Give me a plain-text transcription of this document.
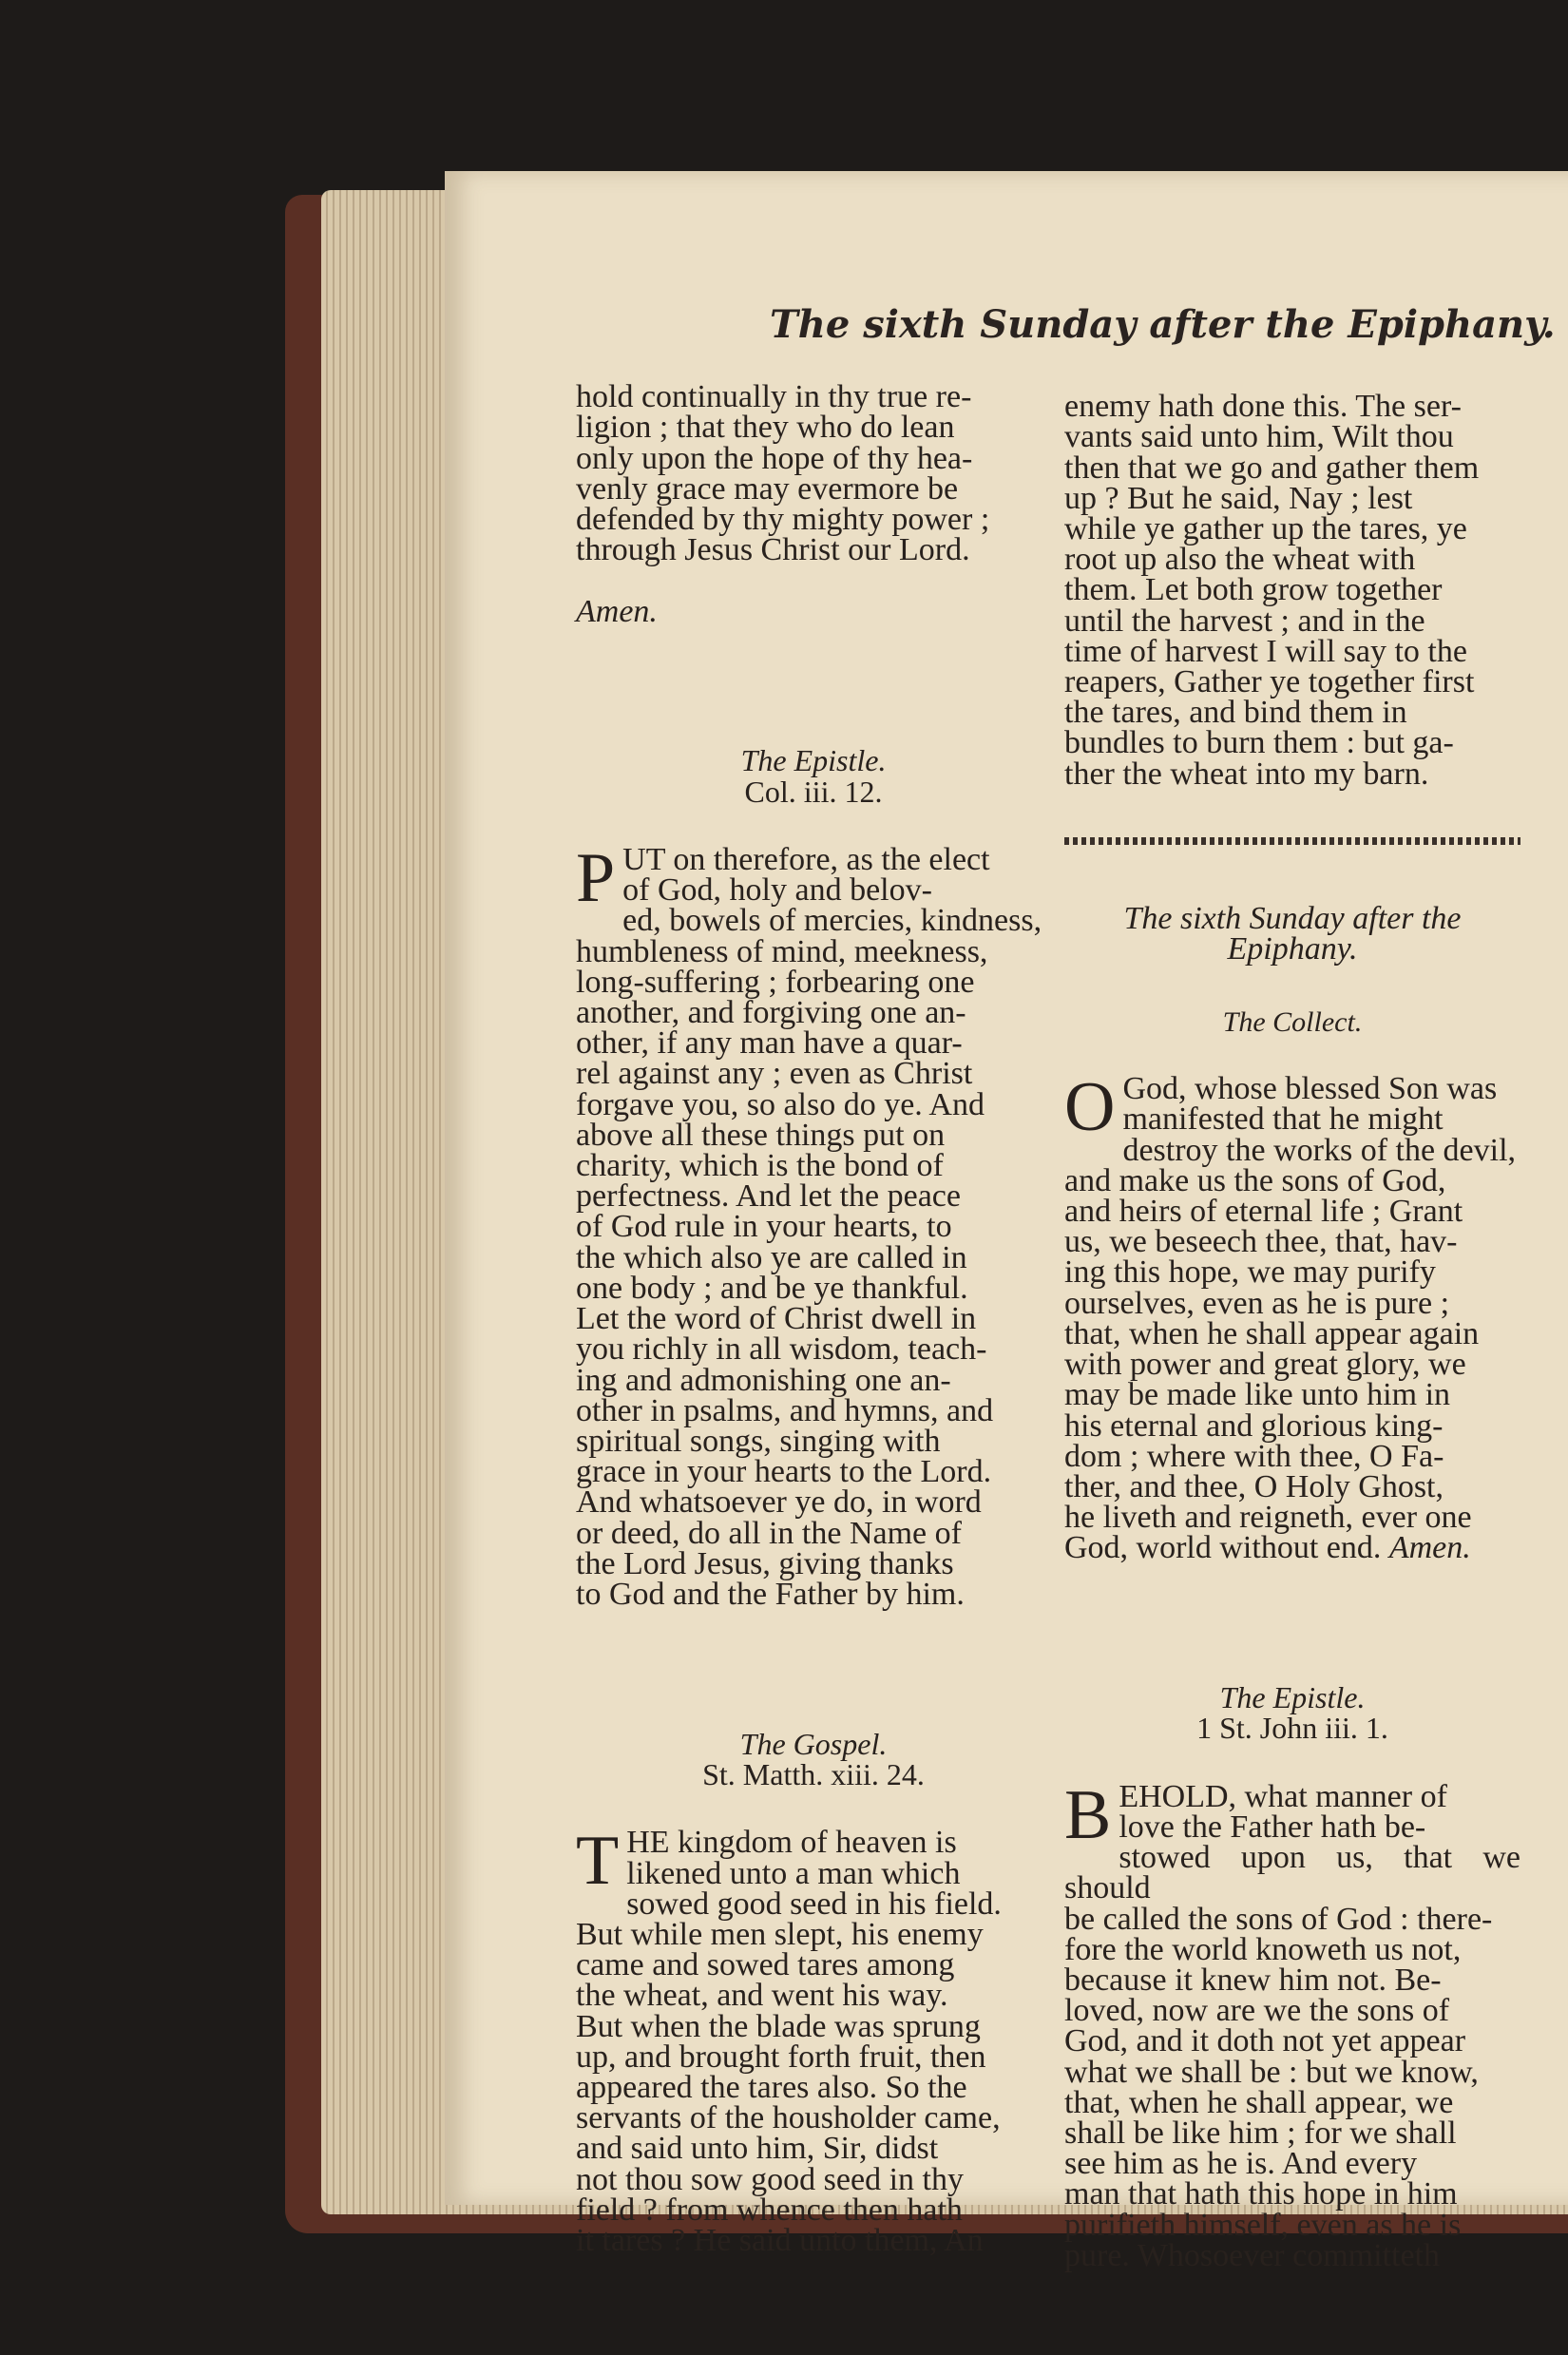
The sixth Sunday after the Epiphany.

hold continually in thy true re-
ligion ; that they who do lean
only upon the hope of thy hea-
venly grace may evermore be
defended by thy mighty power ;
through Jesus Christ our Lord.

Amen.

The Epistle.
Col. iii. 12.

PUT on therefore, as the elect
of God, holy and belov-
ed, bowels of mercies, kindness,
humbleness of mind, meekness,
long-suffering ; forbearing one
another, and forgiving one an-
other, if any man have a quar-
rel against any ; even as Christ
forgave you, so also do ye. And
above all these things put on
charity, which is the bond of
perfectness. And let the peace
of God rule in your hearts, to
the which also ye are called in
one body ; and be ye thankful.
Let the word of Christ dwell in
you richly in all wisdom, teach-
ing and admonishing one an-
other in psalms, and hymns, and
spiritual songs, singing with
grace in your hearts to the Lord.
And whatsoever ye do, in word
or deed, do all in the Name of
the Lord Jesus, giving thanks
to God and the Father by him.

The Gospel.
St. Matth. xiii. 24.

THE kingdom of heaven is
likened unto a man which
sowed good seed in his field.
But while men slept, his enemy
came and sowed tares among
the wheat, and went his way.
But when the blade was sprung
up, and brought forth fruit, then
appeared the tares also. So the
servants of the housholder came,
and said unto him, Sir, didst
not thou sow good seed in thy
field ? from whence then hath
it tares ? He said unto them, An

enemy hath done this. The ser-
vants said unto him, Wilt thou
then that we go and gather them
up ? But he said, Nay ; lest
while ye gather up the tares, ye
root up also the wheat with
them. Let both grow together
until the harvest ; and in the
time of harvest I will say to the
reapers, Gather ye together first
the tares, and bind them in
bundles to burn them : but ga-
ther the wheat into my barn.

The sixth Sunday after the
Epiphany.

The Collect.

O God, whose blessed Son was
manifested that he might
destroy the works of the devil,
and make us the sons of God,
and heirs of eternal life ; Grant
us, we beseech thee, that, hav-
ing this hope, we may purify
ourselves, even as he is pure ;
that, when he shall appear again
with power and great glory, we
may be made like unto him in
his eternal and glorious king-
dom ; where with thee, O Fa-
ther, and thee, O Holy Ghost,
he liveth and reigneth, ever one
God, world without end. Amen.

The Epistle.
1 St. John iii. 1.

BEHOLD, what manner of
love the Father hath be-
stowed upon us, that we should
be called the sons of God : there-
fore the world knoweth us not,
because it knew him not. Be-
loved, now are we the sons of
God, and it doth not yet appear
what we shall be : but we know,
that, when he shall appear, we
shall be like him ; for we shall
see him as he is. And every
man that hath this hope in him
purifieth himself, even as he is
pure. Whosoever committeth
